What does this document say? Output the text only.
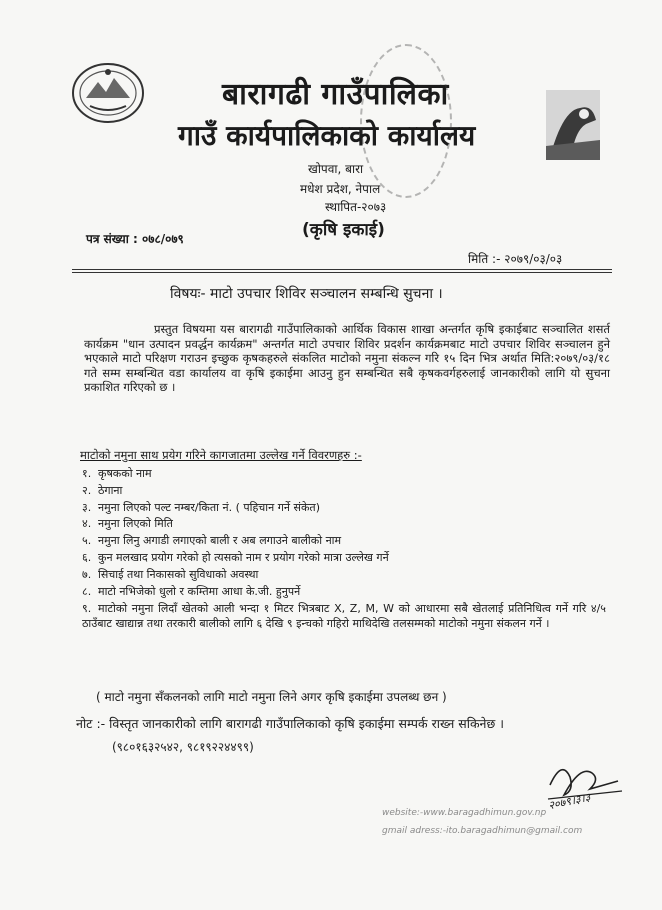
बारागढी गाउँपालिका
गाउँ कार्यपालिकाको कार्यालय
खोपवा, बारा
मधेश प्रदेश, नेपाल
स्थापित-२०७३
(कृषि इकाई)
पत्र संख्या : ०७८/०७९
मिति :- २०७९/०३/०३
विषयः- माटो उपचार शिविर सञ्चालन सम्बन्धि सुचना ।
प्रस्तुत विषयमा यस बारागढी गाउँपालिकाको आर्थिक विकास शाखा अन्तर्गत कृषि इकाईबाट सञ्चालित शसर्त कार्यक्रम "धान उत्पादन प्रवर्द्धन कार्यक्रम" अन्तर्गत माटो उपचार शिविर प्रदर्शन कार्यक्रमबाट माटो उपचार शिविर सञ्चालन हुने भएकाले माटो परिक्षण गराउन इच्छुक कृषकहरुले संकलित माटोको नमुना संकल्न गरि १५ दिन भित्र अर्थात मिति:२०७९/०३/१८ गते सम्म सम्बन्धित वडा कार्यालय वा कृषि इकाईमा आउनु हुन सम्बन्धित सबै कृषकवर्गहरुलाई जानकारीको लागि यो सुचना प्रकाशित गरिएको छ ।
माटोको नमुना साथ प्रयेग गरिने कागजातमा उल्लेख गर्ने विवरणहरु :-
१. कृषकको नाम
२. ठेगाना
३. नमुना लिएको पल्ट नम्बर/किता नं. ( पहिचान गर्ने संकेत)
४. नमुना लिएको मिति
५. नमुना लिनु अगाडी लगाएको बाली र अब लगाउने बालीको नाम
६. कुन मलखाद प्रयोग गरेको हो त्यसको नाम र प्रयोग गरेको मात्रा उल्लेख गर्ने
७. सिचाई तथा निकासको सुविधाको अवस्था
८. माटो नभिजेको धुलो र कम्तिमा आधा के.जी. हुनुपर्ने
९. माटोको नमुना लिदाँ खेतको आली भन्दा १ मिटर भित्रबाट X, Z, M, W को आधारमा सबै खेतलाई प्रतिनिधित्व गर्ने गरि ४/५ ठाउँबाट खाद्यान्न तथा तरकारी बालीको लागि ६ देखि ९ इन्चको गहिरो माथिदेखि तलसम्मको माटोको नमुना संकलन गर्ने ।
( माटो नमुना सँकलनको लागि माटो नमुना लिने अगर कृषि इकाईमा उपलब्ध छन )
नोट :- विस्तृत जानकारीको लागि बारागढी गाउँपालिकाको कृषि इकाईमा सम्पर्क राख्न सकिनेछ ।
(९८०१६३२५४२, ९८१९२२४४९९)
२०७९।३।३
website:-www.baragadhimun.gov.np
gmail adress:-ito.baragadhimun@gmail.com
